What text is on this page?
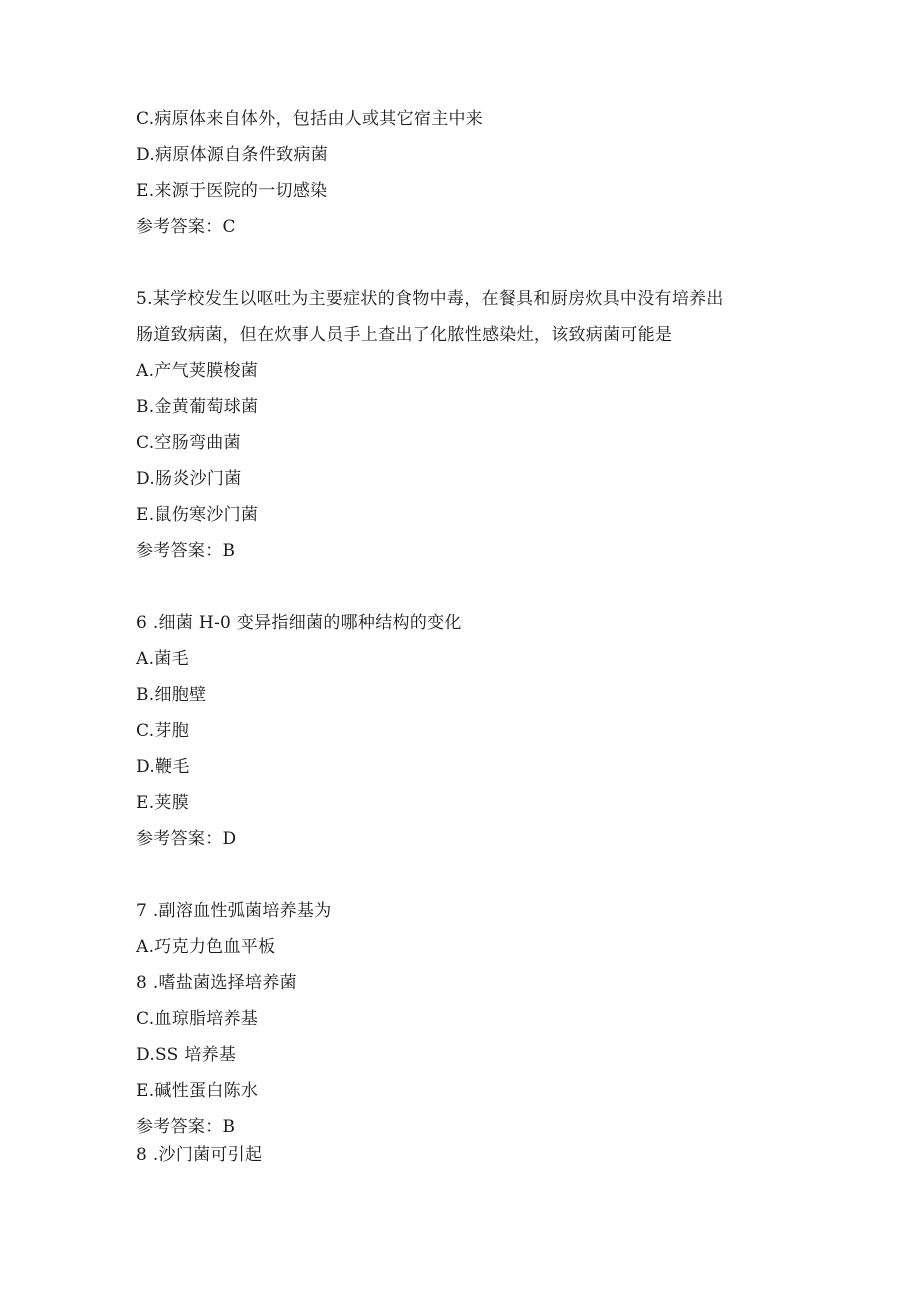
C.病原体来自体外，包括由人或其它宿主中来
D.病原体源自条件致病菌
E.来源于医院的一切感染
参考答案：C
5.某学校发生以呕吐为主要症状的食物中毒，在餐具和厨房炊具中没有培养出
肠道致病菌，但在炊事人员手上查出了化脓性感染灶，该致病菌可能是
A.产气荚膜梭菌
B.金黄葡萄球菌
C.空肠弯曲菌
D.肠炎沙门菌
E.鼠伤寒沙门菌
参考答案：B
6 .细菌 H-0 变异指细菌的哪种结构的变化
A.菌毛
B.细胞壁
C.芽胞
D.鞭毛
E.荚膜
参考答案：D
7 .副溶血性弧菌培养基为
A.巧克力色血平板
8 .嗜盐菌选择培养菌
C.血琼脂培养基
D.SS 培养基
E.碱性蛋白陈水
参考答案：B
8 .沙门菌可引起
